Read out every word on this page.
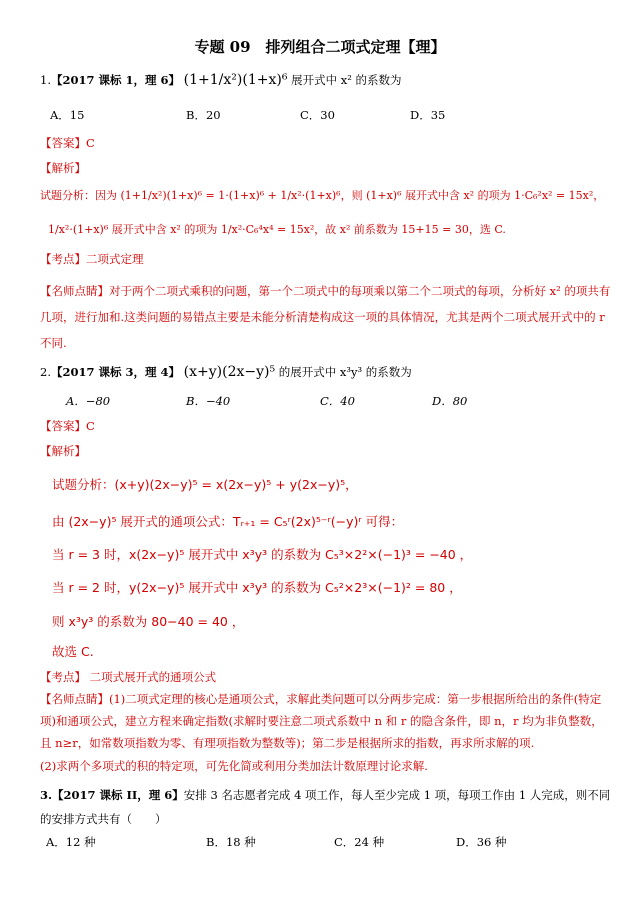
专题 09　排列组合二项式定理【理】
1.【2017 课标 1，理 6】 (1+1/x²)(1+x)⁶ 展开式中 x² 的系数为
A．15	B．20	C．30	D．35
【答案】C
【解析】
试题分析：因为 (1+1/x²)(1+x)⁶ = 1·(1+x)⁶ + 1/x²·(1+x)⁶，则 (1+x)⁶ 展开式中含 x² 的项为 1·C₆²x² = 15x²，
1/x²·(1+x)⁶ 展开式中含 x² 的项为 1/x²·C₆⁴x⁴ = 15x²，故 x² 前系数为 15+15 = 30，选 C.
【考点】二项式定理
【名师点睛】对于两个二项式乘积的问题，第一个二项式中的每项乘以第二个二项式的每项，分析好 x² 的项共有几项，进行加和.这类问题的易错点主要是未能分析清楚构成这一项的具体情况，尤其是两个二项式展开式中的 r 不同.
2.【2017 课标 3，理 4】 (x+y)(2x−y)⁵ 的展开式中 x³y³ 的系数为
A．−80	B．−40	C．40	D．80
【答案】C
【解析】
试题分析：(x+y)(2x−y)⁵ = x(2x−y)⁵ + y(2x−y)⁵，
由 (2x−y)⁵ 展开式的通项公式：Tᵣ₊₁ = C₅ʳ(2x)⁵⁻ʳ(−y)ʳ 可得：
当 r = 3 时，x(2x−y)⁵ 展开式中 x³y³ 的系数为 C₅³×2²×(−1)³ = −40 ，
当 r = 2 时，y(2x−y)⁵ 展开式中 x³y³ 的系数为 C₅²×2³×(−1)² = 80 ，
则 x³y³ 的系数为 80−40 = 40 ，
故选 C.
【考点】 二项式展开式的通项公式
【名师点睛】(1)二项式定理的核心是通项公式，求解此类问题可以分两步完成：第一步根据所给出的条件(特定项)和通项公式，建立方程来确定指数(求解时要注意二项式系数中 n 和 r 的隐含条件，即 n，r 均为非负整数，且 n≥r，如常数项指数为零、有理项指数为整数等)；第二步是根据所求的指数，再求所求解的项.
(2)求两个多项式的积的特定项，可先化简或利用分类加法计数原理讨论求解.
3.【2017 课标 II，理 6】安排 3 名志愿者完成 4 项工作，每人至少完成 1 项，每项工作由 1 人完成，则不同的安排方式共有（　　）
A．12 种	B．18 种	C．24 种	D．36 种
